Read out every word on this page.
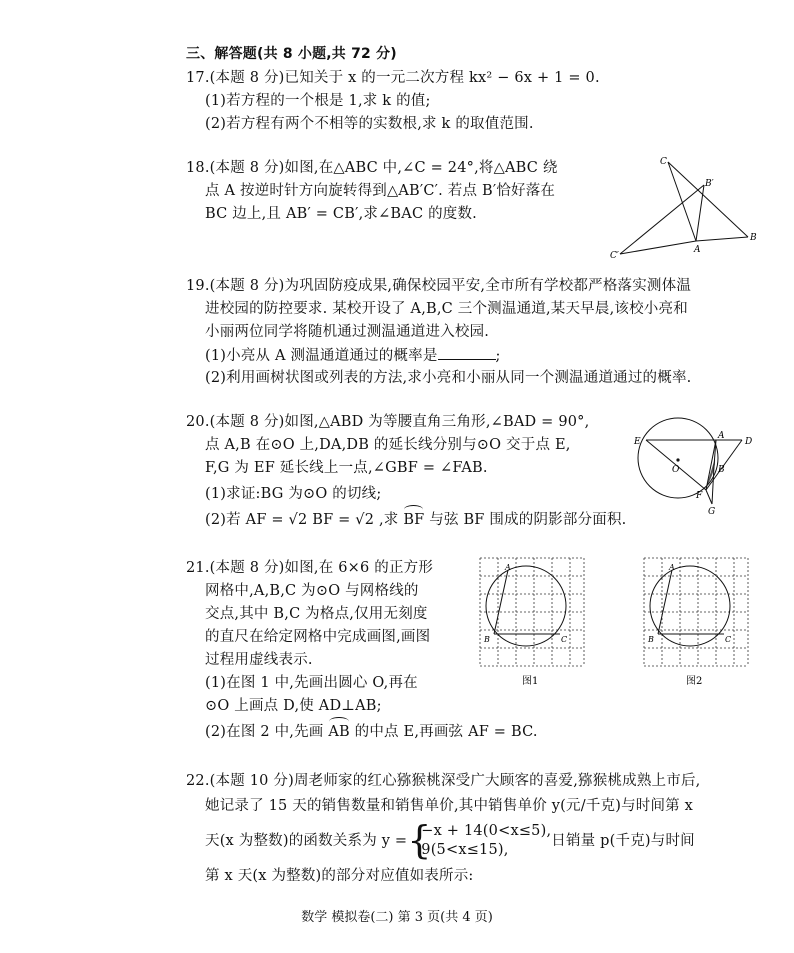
三、解答题(共 8 小题,共 72 分)
17.(本题 8 分)已知关于 x 的一元二次方程 kx² − 6x + 1 = 0.
(1)若方程的一个根是 1,求 k 的值;
(2)若方程有两个不相等的实数根,求 k 的取值范围.
18.(本题 8 分)如图,在△ABC 中,∠C = 24°,将△ABC 绕
点 A 按逆时针方向旋转得到△AB′C′. 若点 B′恰好落在
BC 边上,且 AB′ = CB′,求∠BAC 的度数.
C
B′
C′
A
B
19.(本题 8 分)为巩固防疫成果,确保校园平安,全市所有学校都严格落实测体温
进校园的防控要求. 某校开设了 A,B,C 三个测温通道,某天早晨,该校小亮和
小丽两位同学将随机通过测温通道进入校园.
(1)小亮从 A 测温通道通过的概率是	;
(2)利用画树状图或列表的方法,求小亮和小丽从同一个测温通道通过的概率.
20.(本题 8 分)如图,△ABD 为等腰直角三角形,∠BAD = 90°,
点 A,B 在⊙O 上,DA,DB 的延长线分别与⊙O 交于点 E,
F,G 为 EF 延长线上一点,∠GBF = ∠FAB.
(1)求证:BG 为⊙O 的切线;
(2)若 AF = √2 BF = √2 ,求 BF 与弦 BF 围成的阴影部分面积.
E
A
D
O	B
F
G
21.(本题 8 分)如图,在 6×6 的正方形
网格中,A,B,C 为⊙O 与网格线的
交点,其中 B,C 为格点,仅用无刻度
的直尺在给定网格中完成画图,画图
过程用虚线表示.
(1)在图 1 中,先画出圆心 O,再在
⊙O 上画点 D,使 AD⊥AB;
(2)在图 2 中,先画 AB 的中点 E,再画弦 AF = BC.
A
B	C
图1
A
B	C
图2
22.(本题 10 分)周老师家的红心猕猴桃深受广大顾客的喜爱,猕猴桃成熟上市后,
她记录了 15 天的销售数量和销售单价,其中销售单价 y(元/千克)与时间第 x
天(x 为整数)的函数关系为 y = {
−x + 14(0<x≤5),
9(5<x≤15),
日销量 p(千克)与时间
第 x 天(x 为整数)的部分对应值如表所示:
数学 模拟卷(二) 第 3 页(共 4 页)
